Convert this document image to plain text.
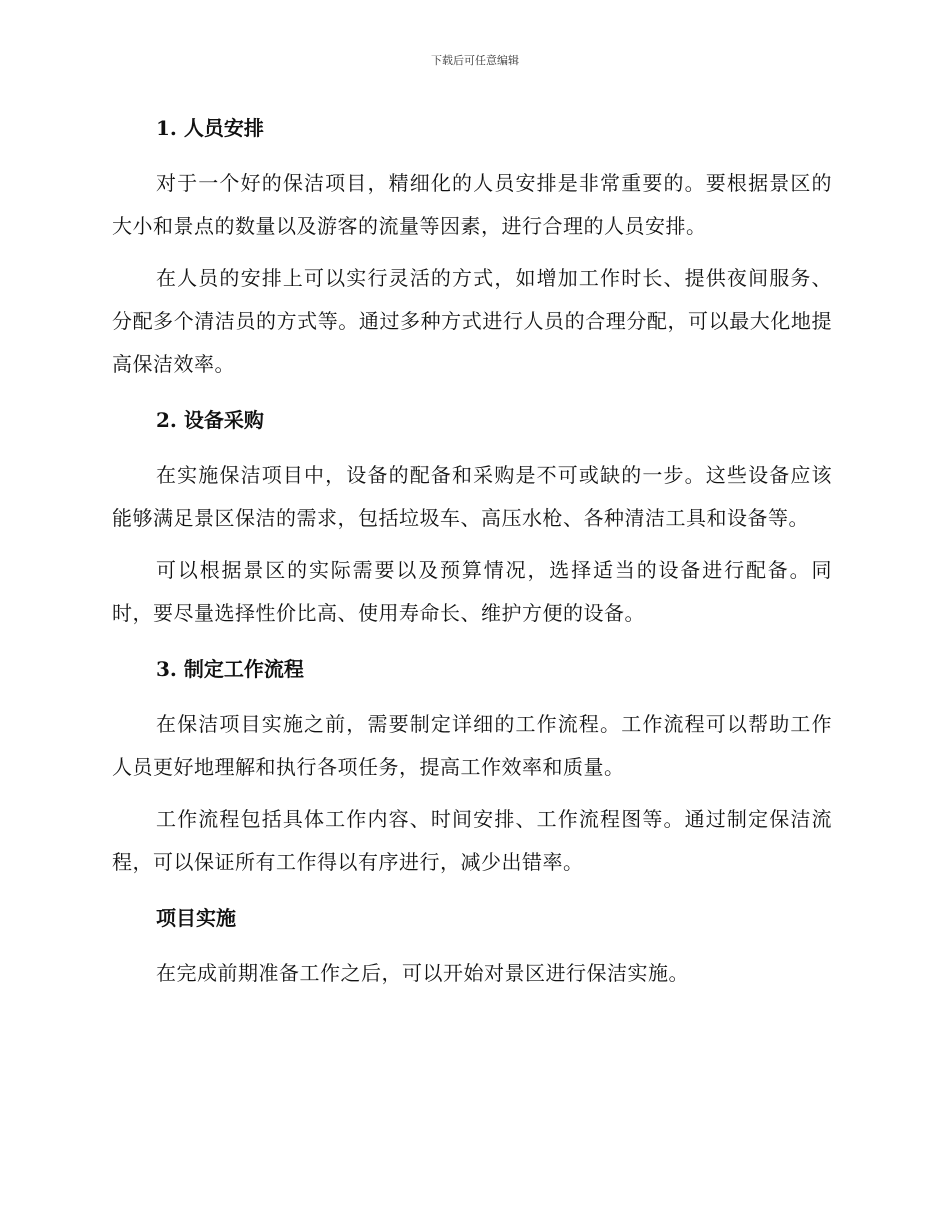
下载后可任意编辑
1. 人员安排

对于一个好的保洁项目，精细化的人员安排是非常重要的。要根据景区的大小和景点的数量以及游客的流量等因素，进行合理的人员安排。

在人员的安排上可以实行灵活的方式，如增加工作时长、提供夜间服务、分配多个清洁员的方式等。通过多种方式进行人员的合理分配，可以最大化地提高保洁效率。

2. 设备采购

在实施保洁项目中，设备的配备和采购是不可或缺的一步。这些设备应该能够满足景区保洁的需求，包括垃圾车、高压水枪、各种清洁工具和设备等。

可以根据景区的实际需要以及预算情况，选择适当的设备进行配备。同时，要尽量选择性价比高、使用寿命长、维护方便的设备。

3. 制定工作流程

在保洁项目实施之前，需要制定详细的工作流程。工作流程可以帮助工作人员更好地理解和执行各项任务，提高工作效率和质量。

工作流程包括具体工作内容、时间安排、工作流程图等。通过制定保洁流程，可以保证所有工作得以有序进行，减少出错率。

项目实施

在完成前期准备工作之后，可以开始对景区进行保洁实施。
